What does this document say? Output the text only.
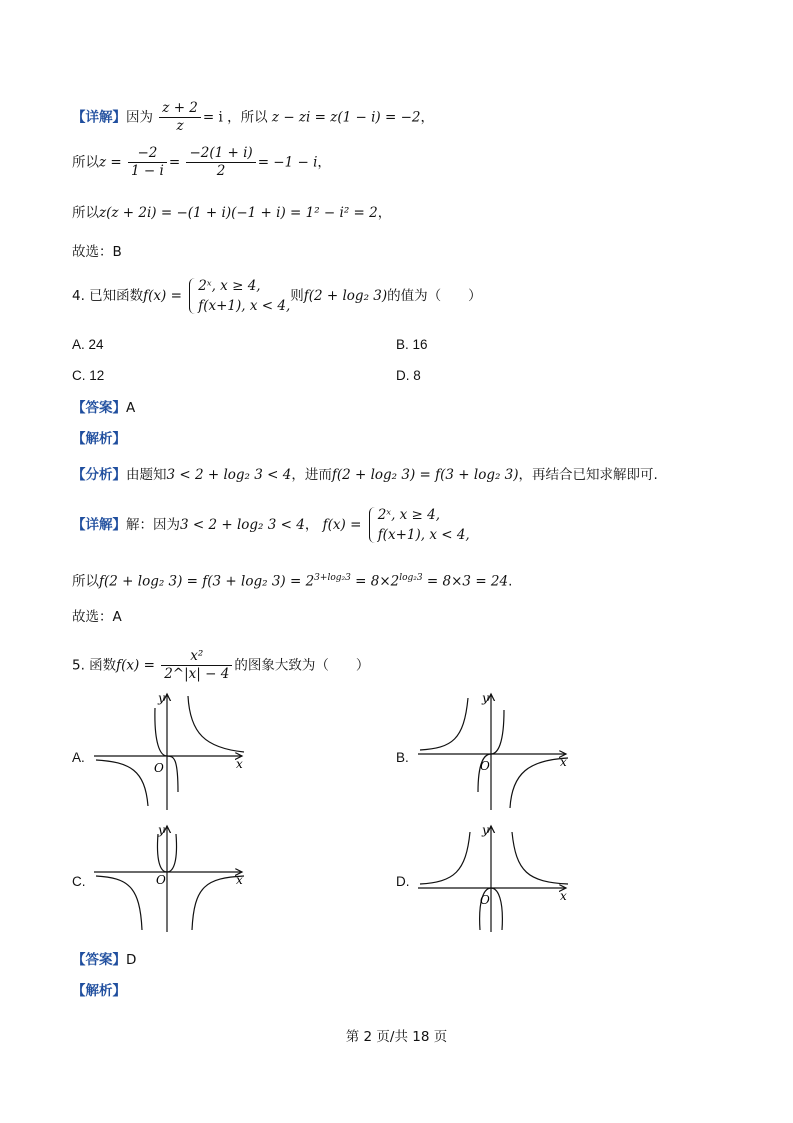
【详解】因为 $\frac{z + 2}{z} = i$ ，所以 z − zi = z(1 − i) = −2，
所以$z = \frac{-2}{1 - i} = \frac{-2(1 + i)}{2} = -1 - i$，
所以z(z + 2i) = −(1 + i)(−1 + i) = 1² − i² = 2，
故选：B
4. 已知函数f(x) =
2ˣ, x ≥ 4,
f(x+1), x < 4,
则f(2 + log₂ 3)的值为（　　）
A. 24	B. 16
C. 12	D. 8
【答案】A
【解析】
【分析】由题知3 < 2 + log₂ 3 < 4，进而f(2 + log₂ 3) = f(3 + log₂ 3)，再结合已知求解即可.
【详解】解：因为3 < 2 + log₂ 3 < 4， f(x) =
2ˣ, x ≥ 4,
f(x+1), x < 4,
所以f(2 + log₂ 3) = f(3 + log₂ $3) = 2^{3+log_23} = 8\times 2^{log_23} = 8\times 3 = 24$.
故选：A
5. 函数$f(x) = \frac{\text{x²}}{2\^{}|x| - 4}$ 的图象大致为（　　）
A.	B.
C.	D.
O	x
y
O	x
y
O	x
y
O	x
y
【答案】D
【解析】
第 2 页/共 18 页
